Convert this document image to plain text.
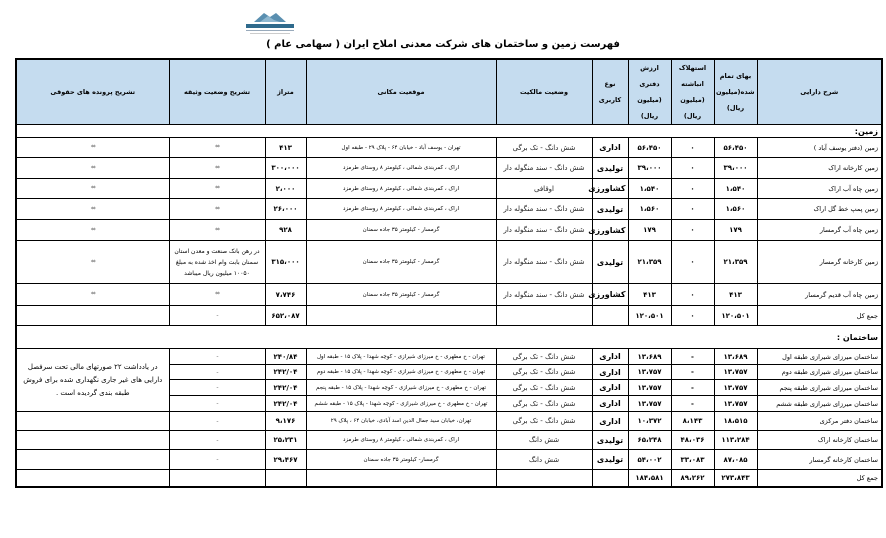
فهرست زمین و ساختمان های شرکت معدنی املاح ایران ( سهامی عام )
شرح دارایی	بهای تمام شده(میلیون ریال)	استهلاک انباشته (میلیون ریال)	ارزش دفتری (میلیون ریال)	نوع کاربری	وضعیت مالکیت	موقعیت مکانی	متراژ	تشریح وضعیت وثیقه	تشریح پرونده های حقوقی
زمین:									
زمین (دفتر یوسف آباد )	۵۶،۴۵۰	۰	۵۶،۴۵۰	اداری	شش دانگ - تک برگی	تهران - یوسف آباد - خیابان ۶۴ - پلاک ۲۹ - طبقه اول	۴۱۳	**	**
زمین کارخانه اراک	۳۹،۰۰۰	۰	۳۹،۰۰۰	تولیدی	شش دانگ - سند منگوله دار	اراک ، کمربندی شمالی ، کیلومتر ۸ روستای طرمزد	۳۰۰،۰۰۰	**	**
زمین چاه آب اراک	۱،۵۴۰	۰	۱،۵۴۰	کشاورزی	اوقافی	اراک ، کمربندی شمالی ، کیلومتر ۸ روستای طرمزد	۲،۰۰۰	**	**
زمین پمپ خط گل اراک	۱،۵۶۰	۰	۱،۵۶۰	تولیدی	شش دانگ - سند منگوله دار	اراک ، کمربندی شمالی ، کیلومتر ۸ روستای طرمزد	۲۶،۰۰۰	**	**
زمین چاه آب گرمسار	۱۷۹	۰	۱۷۹	کشاورزی	شش دانگ - سند منگوله دار	گرمسار - کیلومتر ۳۵ جاده سمنان	۹۲۸	**	**
زمین کارخانه گرمسار	۲۱،۳۵۹	۰	۲۱،۳۵۹	تولیدی	شش دانگ - سند منگوله دار	گرمسار - کیلومتر ۳۵ جاده سمنان	۳۱۵،۰۰۰	در رهن بانک صنعت و معدن استان سمنان بابت وام اخذ شده به مبلغ ۱۰۰۵۰ میلیون ریال میباشد	**
زمین چاه آب قدیم گرمسار	۴۱۳	۰	۴۱۳	کشاورزی	شش دانگ - سند منگوله دار	گرمسار - کیلومتر ۳۵ جاده سمنان	۷،۷۴۶	**	**
جمع کل	۱۲۰،۵۰۱	۰	۱۲۰،۵۰۱				۶۵۲،۰۸۷	-	
ساختمان :									
ساختمان میرزای شیرازی طبقه اول	۱۳،۶۸۹	-	۱۳،۶۸۹	اداری	شش دانگ - تک برگی	تهران - خ مطهری - خ میرزای شیرازی - کوچه شهدا - پلاک ۱۵ - طبقه اول	۲۴۰/۸۴	-	در یادداشت ۲۲ صورتهای مالی تحت سرفصل دارایی های غیر جاری نگهداری شده برای فروش طبقه بندی گردیده است .
ساختمان میرزای شیرازی طبقه دوم	۱۳،۷۵۷	-	۱۳،۷۵۷	اداری	شش دانگ - تک برگی	تهران - خ مطهری - خ میرزای شیرازی - کوچه شهدا - پلاک ۱۵ - طبقه دوم	۲۴۲/۰۴	-	
ساختمان میرزای شیرازی طبقه پنجم	۱۳،۷۵۷	-	۱۳،۷۵۷	اداری	شش دانگ - تک برگی	تهران - خ مطهری - خ میرزای شیرازی - کوچه شهدا - پلاک ۱۵ - طبقه پنجم	۲۴۲/۰۴	-	
ساختمان میرزای شیرازی طبقه ششم	۱۳،۷۵۷	-	۱۳،۷۵۷	اداری	شش دانگ - تک برگی	تهران - خ مطهری - خ میرزای شیرازی - کوچه شهدا - پلاک ۱۵ - طبقه ششم	۲۴۲/۰۴	-	
ساختمان دفتر مرکزی	۱۸،۵۱۵	۸،۱۴۳	۱۰،۳۷۲	اداری	شش دانگ - تک برگی	تهران، خیابان سید جمال الدین اسد آبادی، خیابان ۶۴ ، پلاک ۲۹	۹،۱۷۶	-	
ساختمان کارخانه اراک	۱۱۳،۲۸۴	۴۸،۰۳۶	۶۵،۲۴۸	تولیدی	شش دانگ	اراک ، کمربندی شمالی ، کیلومتر ۸ روستای طرمزد	۲۵،۲۳۱	-	
ساختمان کارخانه گرمسار	۸۷،۰۸۵	۳۳،۰۸۳	۵۴،۰۰۲	تولیدی	شش دانگ	گرمسار- کیلومتر ۳۵ جاده سمنان	۲۹،۴۶۷	-	
جمع کل	۲۷۳،۸۴۳	۸۹،۲۶۲	۱۸۴،۵۸۱						
